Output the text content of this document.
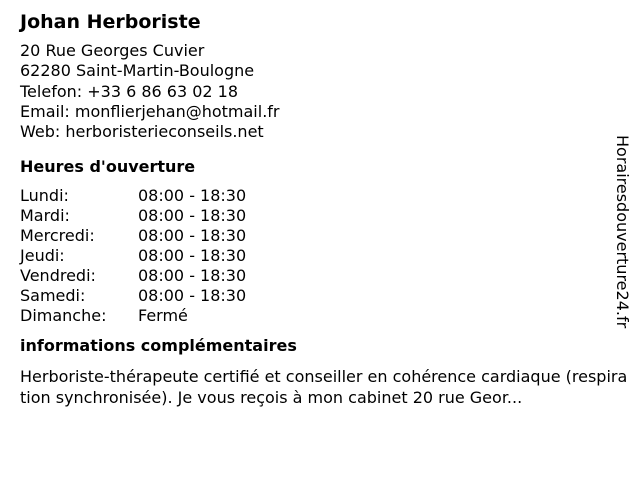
Johan Herboriste
20 Rue Georges Cuvier
62280 Saint-Martin-Boulogne
Telefon: +33 6 86 63 02 18
Email: monflierjehan@hotmail.fr
Web: herboristerieconseils.net
Heures d'ouverture
Lundi:	08:00 - 18:30
Mardi:	08:00 - 18:30
Mercredi:	08:00 - 18:30
Jeudi:	08:00 - 18:30
Vendredi:	08:00 - 18:30
Samedi:	08:00 - 18:30
Dimanche: Fermé
informations complémentaires
Herboriste-thérapeute certifié et conseiller en cohérence cardiaque (respiration synchronisée). Je vous reçois à mon cabinet 20 rue Geor...
Horairesdouverture24.fr
